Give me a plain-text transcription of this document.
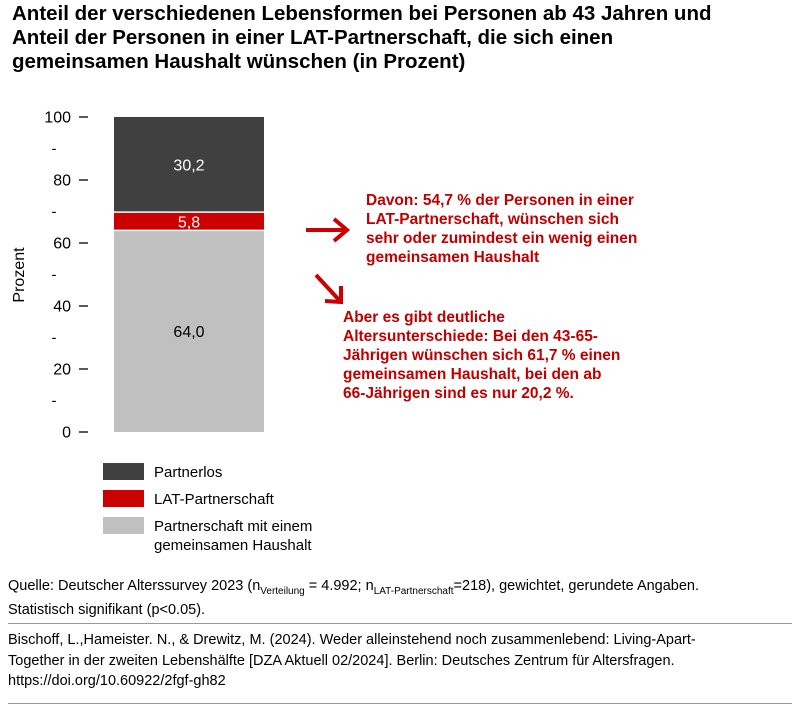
Anteil der verschiedenen Lebensformen bei Personen ab 43 Jahren und
Anteil der Personen in einer LAT-Partnerschaft, die sich einen
gemeinsamen Haushalt wünschen (in Prozent)
0
-
20
-
40
-
60
-
80
-
100
64,0
5,8
30,2
Prozent
Partnerlos
LAT-Partnerschaft
Partnerschaft mit einem
gemeinsamen Haushalt

Davon: 54,7 % der Personen in einer
LAT-Partnerschaft, wünschen sich
sehr oder zumindest ein wenig einen
gemeinsamen Haushalt

Aber es gibt deutliche
Altersunterschiede: Bei den 43-65-
Jährigen wünschen sich 61,7 % einen
gemeinsamen Haushalt, bei den ab
66-Jährigen sind es nur 20,2 %.

Quelle: Deutscher Alterssurvey 2023 ($n_{Verteilung} = 4.992$; $n_{LAT-Partnerschaft}=218$), gewichtet, gerundete Angaben.
Statistisch signifikant (p<0.05).
Bischoff, L.,Hameister. N., & Drewitz, M. (2024). Weder alleinstehend noch zusammenlebend: Living-Apart-
Together in der zweiten Lebenshälfte [DZA Aktuell 02/2024]. Berlin: Deutsches Zentrum für Altersfragen.
https://doi.org/10.60922/2fgf-gh82
